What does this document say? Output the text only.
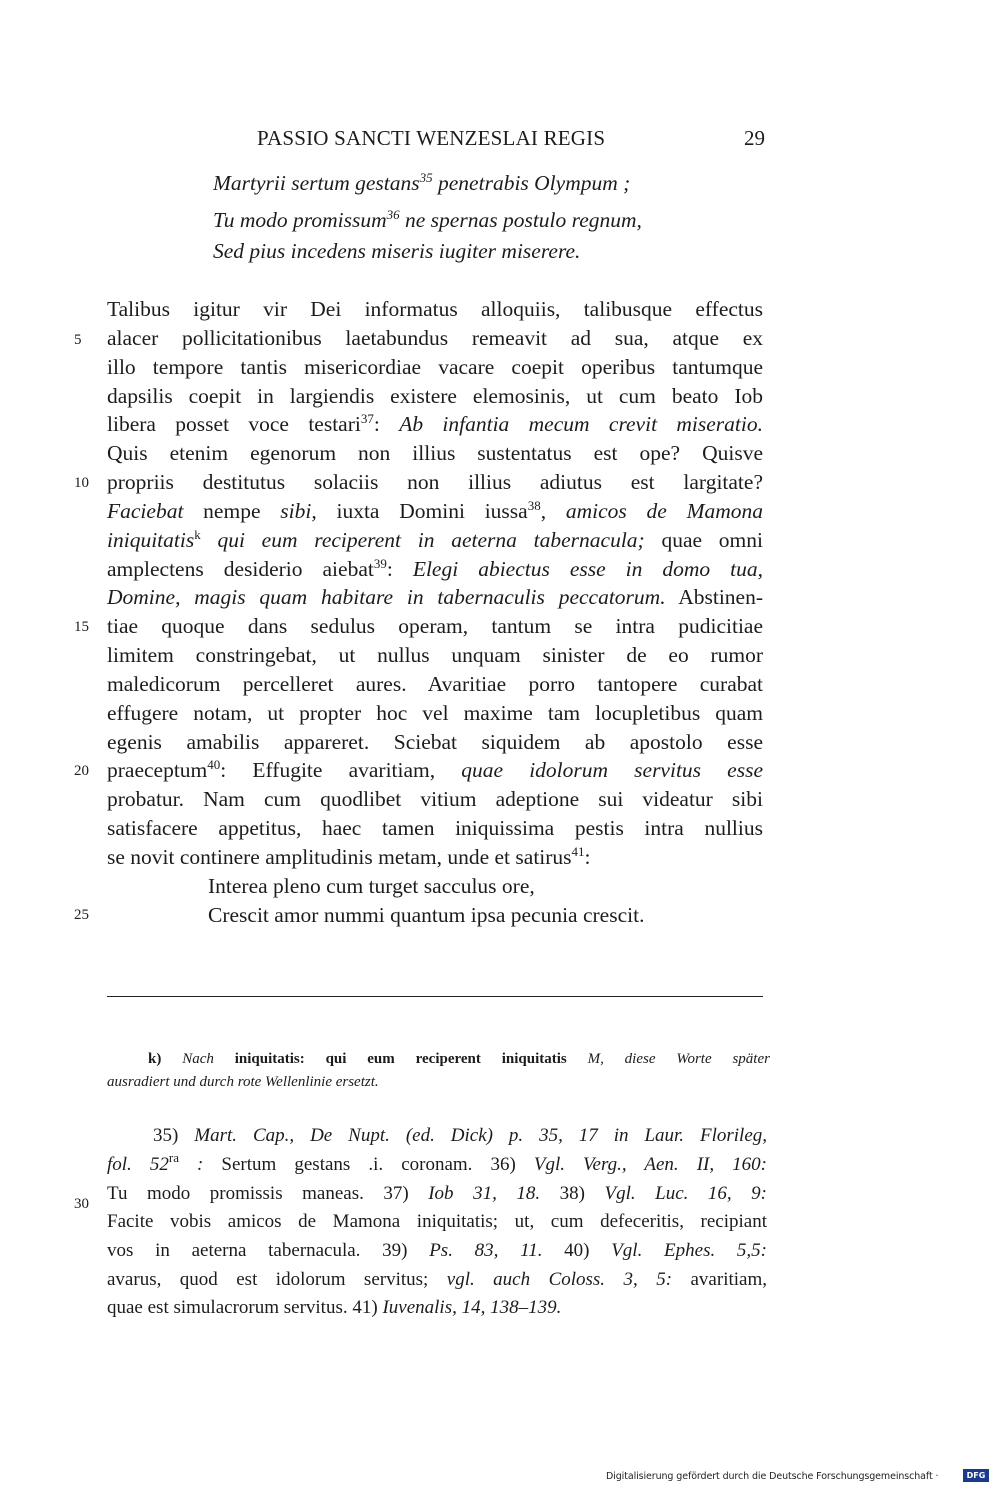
PASSIO SANCTI WENZESLAI REGIS	29
Martyrii sertum gestans$^{35}$ penetrabis Olympum ;
Tu modo promissum$^{36}$ ne spernas postulo regnum,
Sed pius incedens miseris iugiter miserere.
5
10
15
20
25
30
Talibus igitur vir Dei informatus alloquiis, talibusque effectus
alacer pollicitationibus laetabundus remeavit ad sua, atque ex
illo tempore tantis misericordiae vacare coepit operibus tantumque
dapsilis coepit in largiendis existere elemosinis, ut cum beato Iob
libera posset voce testari$^{37}$: Ab infantia mecum crevit miseratio.
Quis etenim egenorum non illius sustentatus est ope? Quisve
propriis destitutus solaciis non illius adiutus est largitate?
Faciebat nempe sibi, iuxta Domini iussa$^{38}$, amicos de Mamona
iniquitatis$^k$ qui eum reciperent in aeterna tabernacula; quae omni
amplectens desiderio aiebat$^{39}$: Elegi abiectus esse in domo tua,
Domine, magis quam habitare in tabernaculis peccatorum. Abstinen-
tiae quoque dans sedulus operam, tantum se intra pudicitiae
limitem constringebat, ut nullus unquam sinister de eo rumor
maledicorum percelleret aures. Avaritiae porro tantopere curabat
effugere notam, ut propter hoc vel maxime tam locupletibus quam
egenis amabilis appareret. Sciebat siquidem ab apostolo esse
praeceptum$^{40}$: Effugite avaritiam, quae idolorum servitus esse
probatur. Nam cum quodlibet vitium adeptione sui videatur sibi
satisfacere appetitus, haec tamen iniquissima pestis intra nullius
se novit continere amplitudinis metam, unde et satirus$^{41}$:
Interea pleno cum turget sacculus ore,
Crescit amor nummi quantum ipsa pecunia crescit.
k) Nach iniquitatis: qui eum reciperent iniquitatis M, diese Worte später
ausradiert und durch rote Wellenlinie ersetzt.
35) Mart. Cap., De Nupt. (ed. Dick) p. 35, 17 in Laur. Florileg,
fol. $52^{ra}$ : Sertum gestans .i. coronam. 36) Vgl. Verg., Aen. II, 160:
Tu modo promissis maneas. 37) Iob 31, 18. 38) Vgl. Luc. 16, 9:
Facite vobis amicos de Mamona iniquitatis; ut, cum defeceritis, recipiant
vos in aeterna tabernacula. 39) Ps. 83, 11. 40) Vgl. Ephes. 5,5:
avarus, quod est idolorum servitus; vgl. auch Coloss. 3, 5: avaritiam,
quae est simulacrorum servitus. 41) Iuvenalis, 14, 138–139.
Digitalisierung gefördert durch die Deutsche Forschungsgemeinschaft ·	DFG
